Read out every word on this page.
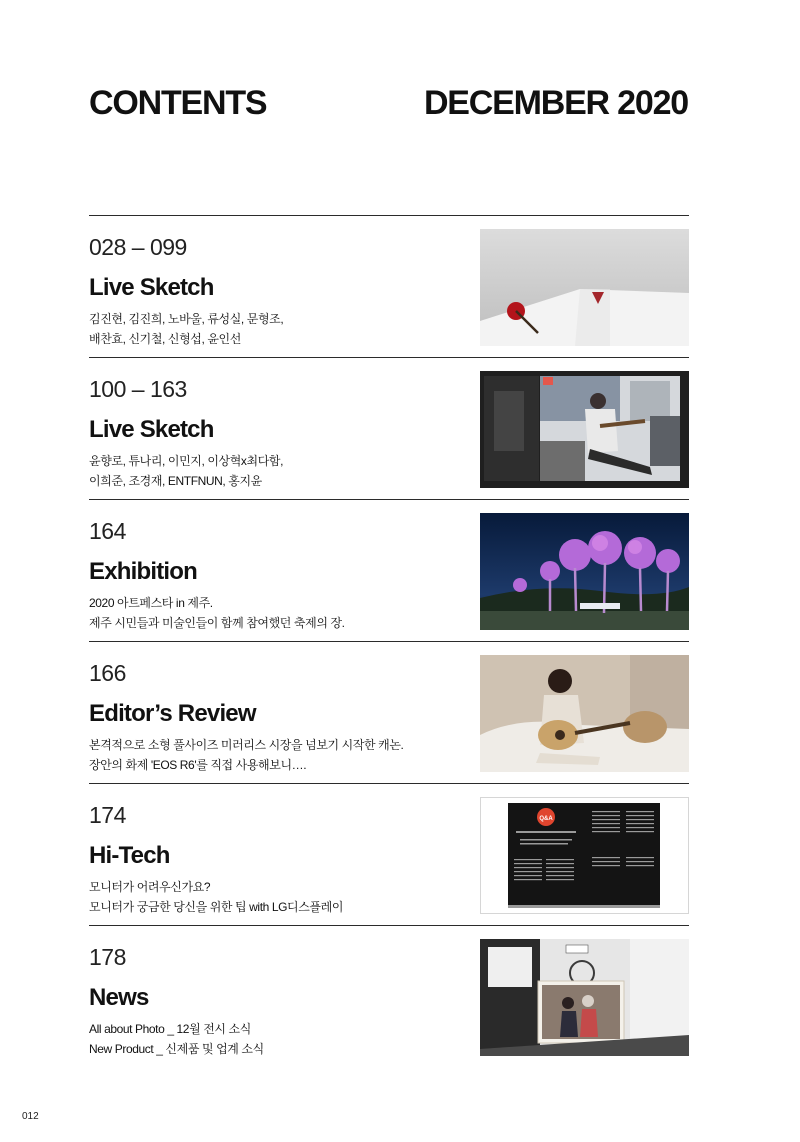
CONTENTS	DECEMBER 2020
028 – 099
Live Sketch
김진현, 김진희, 노바울, 류성실, 문형조,
배찬효, 신기철, 신형섭, 윤인선
100 – 163
Live Sketch
윤향로, 튜나리, 이민지, 이상혁x최다함,
이희준, 조경재, ENTFNUN, 홍지윤
164
Exhibition
2020 아트페스타 in 제주.
제주 시민들과 미술인들이 함께 참여했던 축제의 장.
166
Editor’s Review
본격적으로 소형 풀사이즈 미러리스 시장을 넘보기 시작한 캐논.
장안의 화제 'EOS R6'를 직접 사용해보니….
174
Hi-Tech
모니터가 어려우신가요?
모니터가 궁금한 당신을 위한 팁 with LG디스플레이
Q&A
178
News
All about Photo _ 12월 전시 소식
New Product _ 신제품 및 업계 소식
012
